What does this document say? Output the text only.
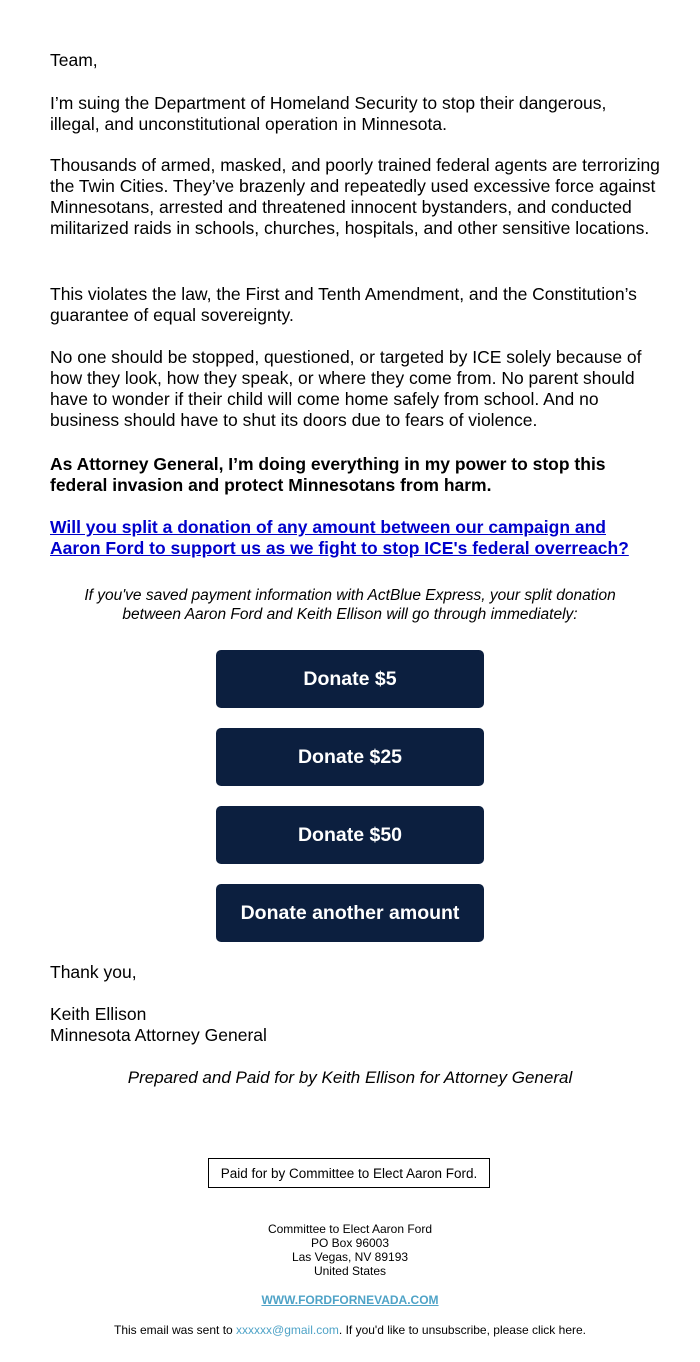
Team,

I’m suing the Department of Homeland Security to stop their dangerous, illegal, and unconstitutional operation in Minnesota.

Thousands of armed, masked, and poorly trained federal agents are terrorizing the Twin Cities. They’ve brazenly and repeatedly used excessive force against Minnesotans, arrested and threatened innocent bystanders, and conducted militarized raids in schools, churches, hospitals, and other sensitive locations.

This violates the law, the First and Tenth Amendment, and the Constitution’s guarantee of equal sovereignty.

No one should be stopped, questioned, or targeted by ICE solely because of how they look, how they speak, or where they come from. No parent should have to wonder if their child will come home safely from school. And no business should have to shut its doors due to fears of violence.

As Attorney General, I’m doing everything in my power to stop this federal invasion and protect Minnesotans from harm.

Will you split a donation of any amount between our campaign and Aaron Ford to support us as we fight to stop ICE's federal overreach?

If you've saved payment information with ActBlue Express, your split donation between Aaron Ford and Keith Ellison will go through immediately:

Donate $5
Donate $25
Donate $50
Donate another amount

Thank you,

Keith Ellison

Minnesota Attorney General

Prepared and Paid for by Keith Ellison for Attorney General

Paid for by Committee to Elect Aaron Ford.
Committee to Elect Aaron Ford
PO Box 96003
Las Vegas, NV 89193
United States
WWW.FORDFORNEVADA.COM
This email was sent to xxxxxx@gmail.com. If you'd like to unsubscribe, please click here.
